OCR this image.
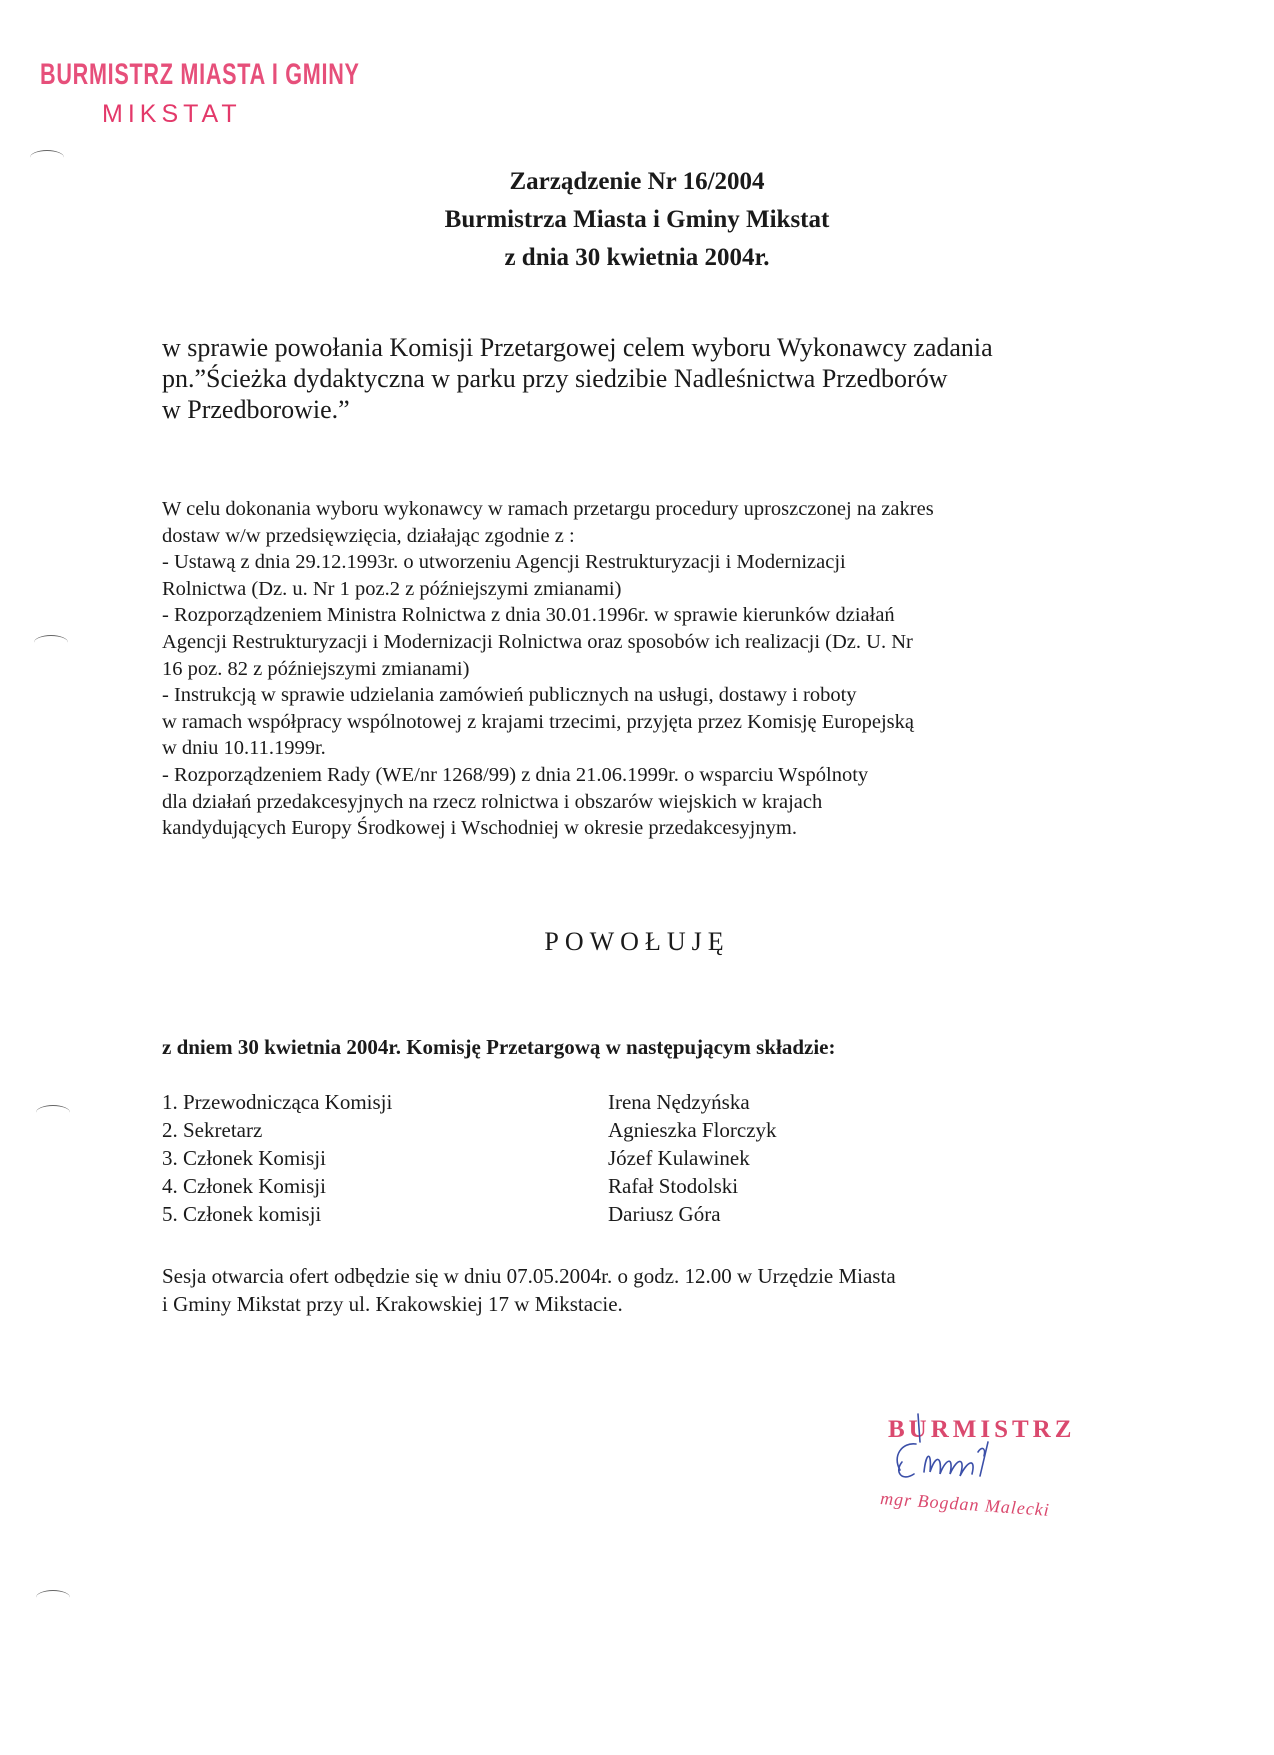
BURMISTRZ MIASTA I GMINY
MIKSTAT
Zarządzenie Nr 16/2004
Burmistrza Miasta i Gminy Mikstat
z dnia 30 kwietnia 2004r.
w sprawie powołania Komisji Przetargowej celem wyboru Wykonawcy zadania
pn.”Ścieżka dydaktyczna w parku przy siedzibie Nadleśnictwa Przedborów
w Przedborowie.”
W celu dokonania wyboru wykonawcy w ramach przetargu procedury uproszczonej na zakres
dostaw w/w przedsięwzięcia, działając zgodnie z :
- Ustawą z dnia 29.12.1993r. o utworzeniu Agencji Restrukturyzacji i Modernizacji
Rolnictwa (Dz. u. Nr 1 poz.2 z późniejszymi zmianami)
- Rozporządzeniem Ministra Rolnictwa z dnia 30.01.1996r. w sprawie kierunków działań
Agencji Restrukturyzacji i Modernizacji Rolnictwa oraz sposobów ich realizacji (Dz. U. Nr
16 poz. 82 z późniejszymi zmianami)
- Instrukcją w sprawie udzielania zamówień publicznych na usługi, dostawy i roboty
w ramach współpracy wspólnotowej z krajami trzecimi, przyjęta przez Komisję Europejską
w dniu 10.11.1999r.
- Rozporządzeniem Rady (WE/nr 1268/99) z dnia 21.06.1999r. o wsparciu Wspólnoty
dla działań przedakcesyjnych na rzecz rolnictwa i obszarów wiejskich w krajach
kandydujących Europy Środkowej i Wschodniej w okresie przedakcesyjnym.
POWOŁUJĘ
z dniem 30 kwietnia 2004r. Komisję Przetargową w następującym składzie:
1. Przewodnicząca Komisji	Irena Nędzyńska
2. Sekretarz	Agnieszka Florczyk
3. Członek Komisji	Józef Kulawinek
4. Członek Komisji	Rafał Stodolski
5. Członek komisji	Dariusz Góra
Sesja otwarcia ofert odbędzie się w dniu 07.05.2004r. o godz. 12.00 w Urzędzie Miasta
i Gminy Mikstat przy ul. Krakowskiej 17 w Mikstacie.
BURMISTRZ
mgr Bogdan Malecki
